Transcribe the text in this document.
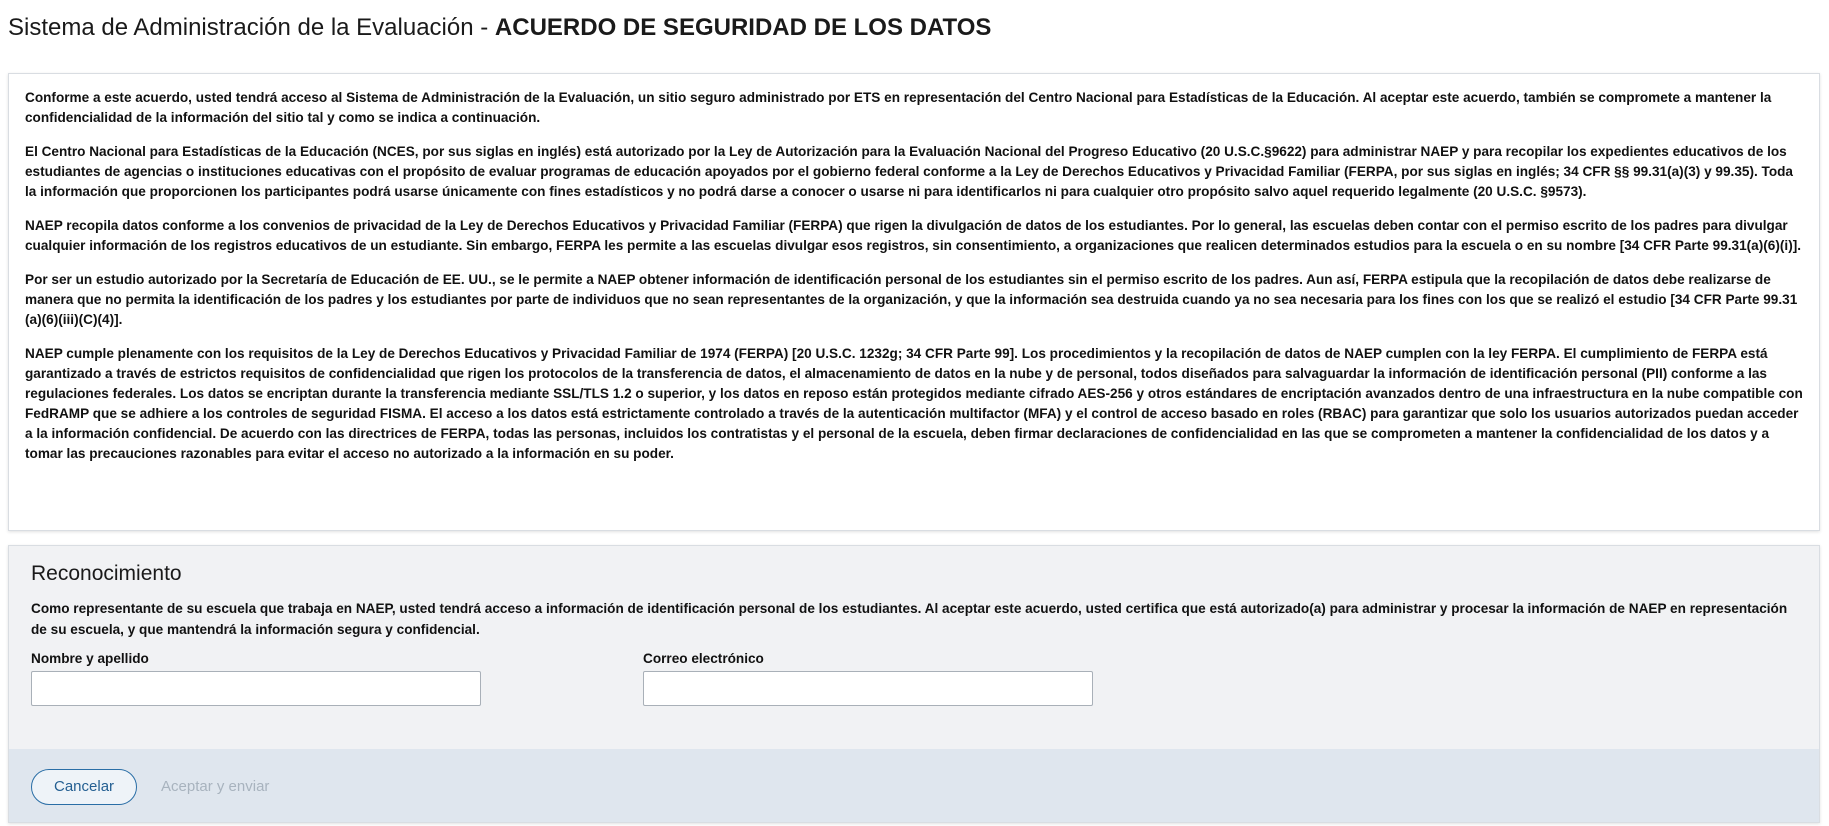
Sistema de Administración de la Evaluación - ACUERDO DE SEGURIDAD DE LOS DATOS

Conforme a este acuerdo, usted tendrá acceso al Sistema de Administración de la Evaluación, un sitio seguro administrado por ETS en representación del Centro Nacional para Estadísticas de la Educación. Al aceptar este acuerdo, también se compromete a mantener la confidencialidad de la información del sitio tal y como se indica a continuación.

El Centro Nacional para Estadísticas de la Educación (NCES, por sus siglas en inglés) está autorizado por la Ley de Autorización para la Evaluación Nacional del Progreso Educativo (20 U.S.C.§9622) para administrar NAEP y para recopilar los expedientes educativos de los estudiantes de agencias o instituciones educativas con el propósito de evaluar programas de educación apoyados por el gobierno federal conforme a la Ley de Derechos Educativos y Privacidad Familiar (FERPA, por sus siglas en inglés; 34 CFR §§ 99.31(a)(3) y 99.35). Toda la información que proporcionen los participantes podrá usarse únicamente con fines estadísticos y no podrá darse a conocer o usarse ni para identificarlos ni para cualquier otro propósito salvo aquel requerido legalmente (20 U.S.C. §9573).

NAEP recopila datos conforme a los convenios de privacidad de la Ley de Derechos Educativos y Privacidad Familiar (FERPA) que rigen la divulgación de datos de los estudiantes. Por lo general, las escuelas deben contar con el permiso escrito de los padres para divulgar cualquier información de los registros educativos de un estudiante. Sin embargo, FERPA les permite a las escuelas divulgar esos registros, sin consentimiento, a organizaciones que realicen determinados estudios para la escuela o en su nombre [34 CFR Parte 99.31(a)(6)(i)].

Por ser un estudio autorizado por la Secretaría de Educación de EE. UU., se le permite a NAEP obtener información de identificación personal de los estudiantes sin el permiso escrito de los padres. Aun así, FERPA estipula que la recopilación de datos debe realizarse de manera que no permita la identificación de los padres y los estudiantes por parte de individuos que no sean representantes de la organización, y que la información sea destruida cuando ya no sea necesaria para los fines con los que se realizó el estudio [34 CFR Parte 99.31 (a)(6)(iii)(C)(4)].

NAEP cumple plenamente con los requisitos de la Ley de Derechos Educativos y Privacidad Familiar de 1974 (FERPA) [20 U.S.C. 1232g; 34 CFR Parte 99]. Los procedimientos y la recopilación de datos de NAEP cumplen con la ley FERPA. El cumplimiento de FERPA está garantizado a través de estrictos requisitos de confidencialidad que rigen los protocolos de la transferencia de datos, el almacenamiento de datos en la nube y de personal, todos diseñados para salvaguardar la información de identificación personal (PII) conforme a las regulaciones federales. Los datos se encriptan durante la transferencia mediante SSL/TLS 1.2 o superior, y los datos en reposo están protegidos mediante cifrado AES-256 y otros estándares de encriptación avanzados dentro de una infraestructura en la nube compatible con FedRAMP que se adhiere a los controles de seguridad FISMA. El acceso a los datos está estrictamente controlado a través de la autenticación multifactor (MFA) y el control de acceso basado en roles (RBAC) para garantizar que solo los usuarios autorizados puedan acceder a la información confidencial. De acuerdo con las directrices de FERPA, todas las personas, incluidos los contratistas y el personal de la escuela, deben firmar declaraciones de confidencialidad en las que se comprometen a mantener la confidencialidad de los datos y a tomar las precauciones razonables para evitar el acceso no autorizado a la información en su poder.

Reconocimiento

Como representante de su escuela que trabaja en NAEP, usted tendrá acceso a información de identificación personal de los estudiantes. Al aceptar este acuerdo, usted certifica que está autorizado(a) para administrar y procesar la información de NAEP en representación de su escuela, y que mantendrá la información segura y confidencial.

Nombre y apellido	Correo electrónico
Cancelar	Aceptar y enviar
